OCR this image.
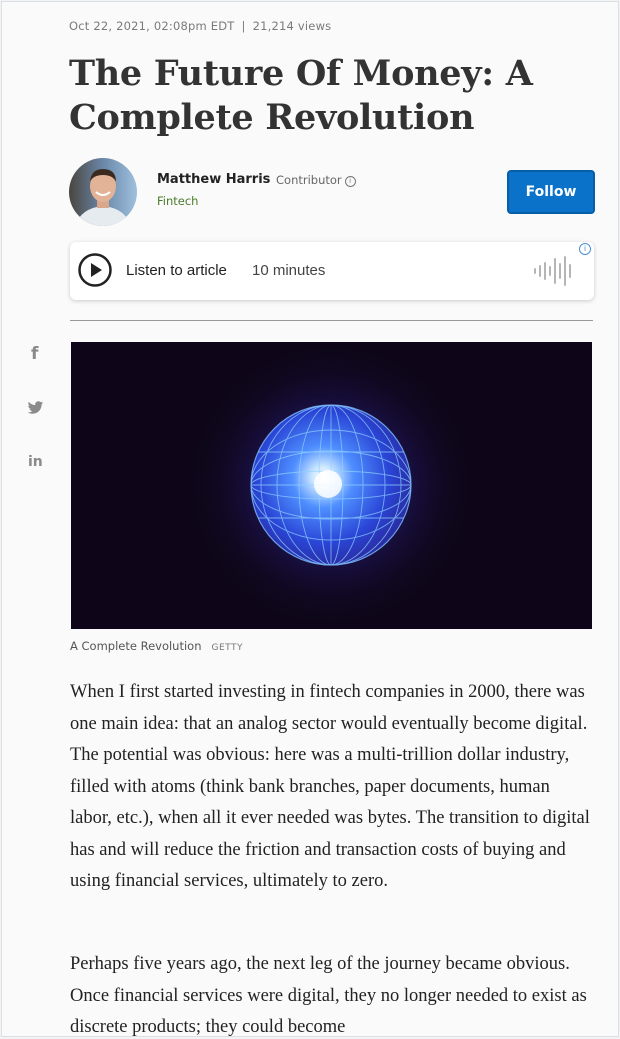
Oct 22, 2021, 02:08pm EDT | 21,214 views
The Future Of Money: A Complete Revolution
Matthew Harris Contributor i
Fintech
Follow
Listen to article 10 minutes
i
f
in
A Complete Revolution GETTY

When I first started investing in fintech companies in 2000, there was one main idea: that an analog sector would eventually become digital. The potential was obvious: here was a multi-trillion dollar industry, filled with atoms (think bank branches, paper documents, human labor, etc.), when all it ever needed was bytes. The transition to digital has and will reduce the friction and transaction costs of buying and using financial services, ultimately to zero.

Perhaps five years ago, the next leg of the journey became obvious. Once financial services were digital, they no longer needed to exist as discrete products; they could become
